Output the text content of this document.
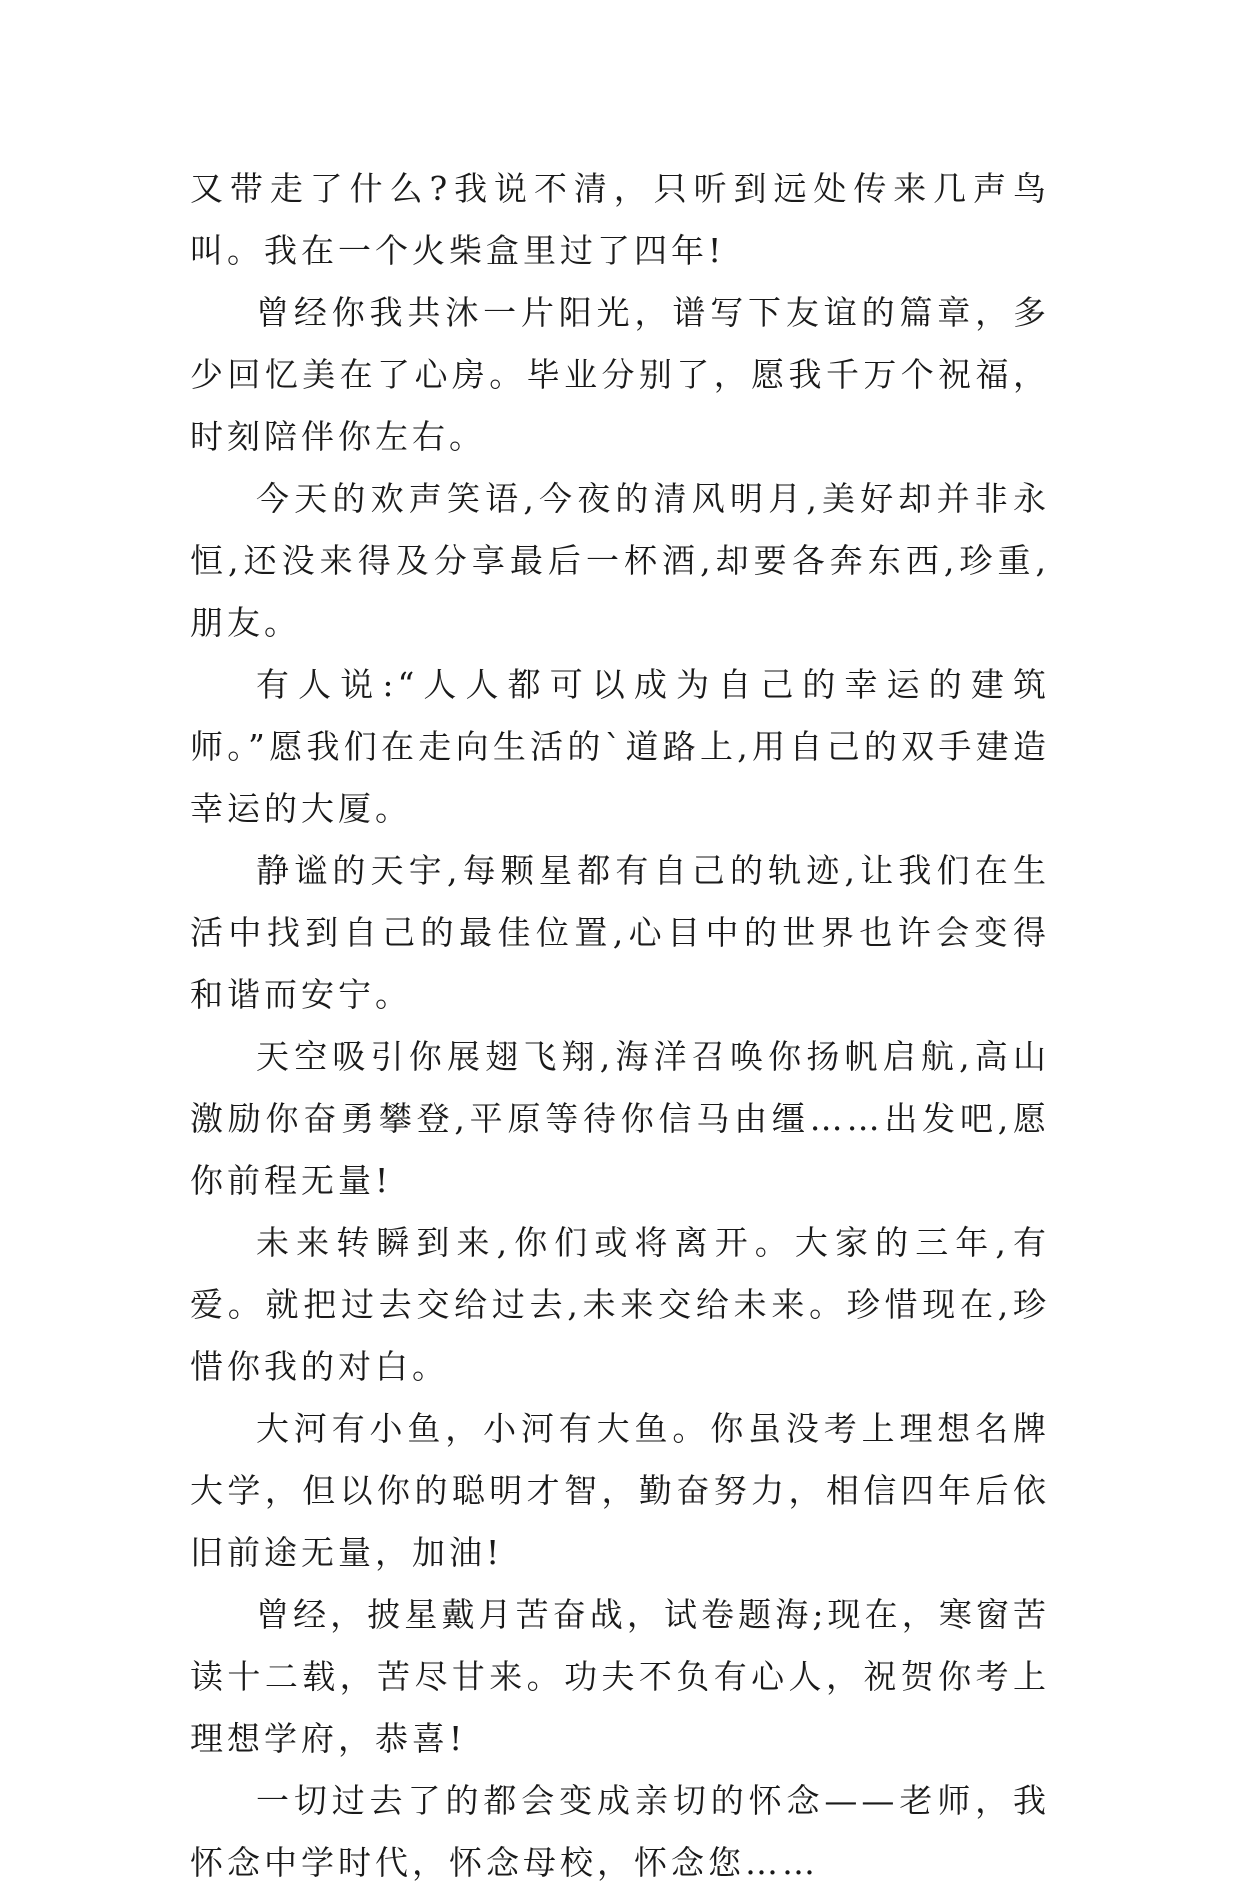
又带走了什么?我说不清，只听到远处传来几声鸟叫。我在一个火柴盒里过了四年!

曾经你我共沐一片阳光，谱写下友谊的篇章，多少回忆美在了心房。毕业分别了，愿我千万个祝福，时刻陪伴你左右。

今天的欢声笑语,今夜的清风明月,美好却并非永恒,还没来得及分享最后一杯酒,却要各奔东西,珍重,朋友。

有人说:“人人都可以成为自己的幸运的建筑师。”愿我们在走向生活的`道路上,用自己的双手建造幸运的大厦。

静谧的天宇,每颗星都有自己的轨迹,让我们在生活中找到自己的最佳位置,心目中的世界也许会变得和谐而安宁。

天空吸引你展翅飞翔,海洋召唤你扬帆启航,高山激励你奋勇攀登,平原等待你信马由缰……出发吧,愿你前程无量!

未来转瞬到来,你们或将离开。大家的三年,有爱。就把过去交给过去,未来交给未来。珍惜现在,珍惜你我的对白。

大河有小鱼，小河有大鱼。你虽没考上理想名牌大学，但以你的聪明才智，勤奋努力，相信四年后依旧前途无量，加油!

曾经，披星戴月苦奋战，试卷题海;现在，寒窗苦读十二载，苦尽甘来。功夫不负有心人，祝贺你考上理想学府，恭喜!

一切过去了的都会变成亲切的怀念——老师，我怀念中学时代，怀念母校，怀念您……
